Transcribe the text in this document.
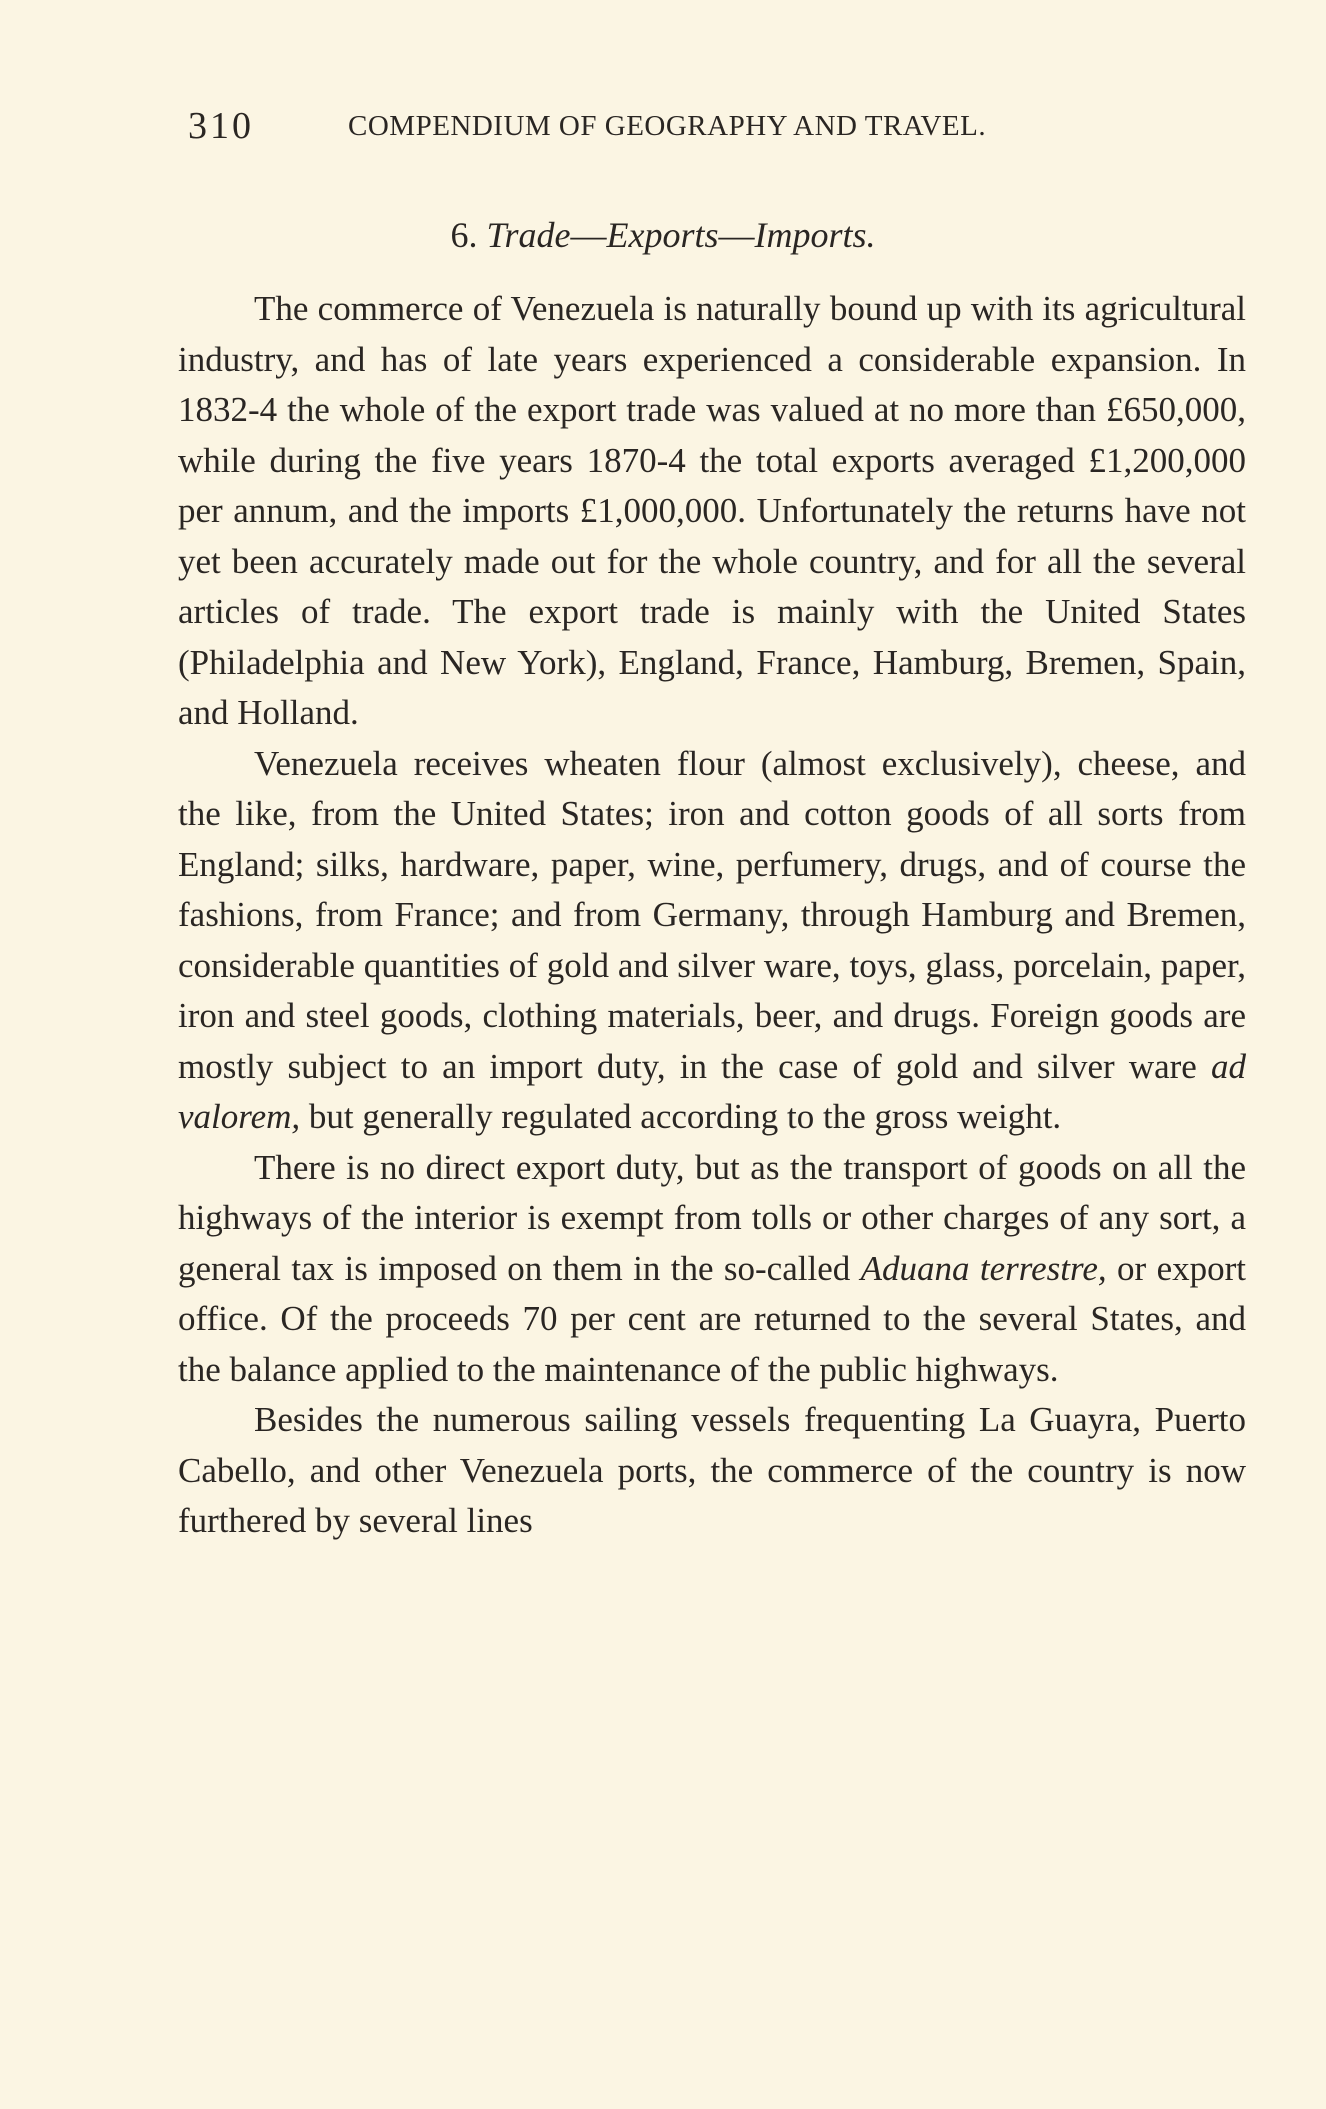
310	COMPENDIUM OF GEOGRAPHY AND TRAVEL.
6. Trade—Exports—Imports.

The commerce of Venezuela is naturally bound up with its agricultural industry, and has of late years experienced a considerable expansion. In 1832-4 the whole of the export trade was valued at no more than £650,000, while during the five years 1870-4 the total exports averaged £1,200,000 per annum, and the imports £1,000,000. Unfortunately the returns have not yet been accurately made out for the whole country, and for all the several articles of trade. The export trade is mainly with the United States (Philadelphia and New York), England, France, Hamburg, Bremen, Spain, and Holland.

Venezuela receives wheaten flour (almost exclusively), cheese, and the like, from the United States; iron and cotton goods of all sorts from England; silks, hardware, paper, wine, perfumery, drugs, and of course the fashions, from France; and from Germany, through Hamburg and Bremen, considerable quantities of gold and silver ware, toys, glass, porcelain, paper, iron and steel goods, clothing materials, beer, and drugs. Foreign goods are mostly subject to an import duty, in the case of gold and silver ware ad valorem, but generally regulated according to the gross weight.

There is no direct export duty, but as the transport of goods on all the highways of the interior is exempt from tolls or other charges of any sort, a general tax is imposed on them in the so-called Aduana terrestre, or export office. Of the proceeds 70 per cent are returned to the several States, and the balance applied to the maintenance of the public highways.

Besides the numerous sailing vessels frequenting La Guayra, Puerto Cabello, and other Venezuela ports, the commerce of the country is now furthered by several lines
